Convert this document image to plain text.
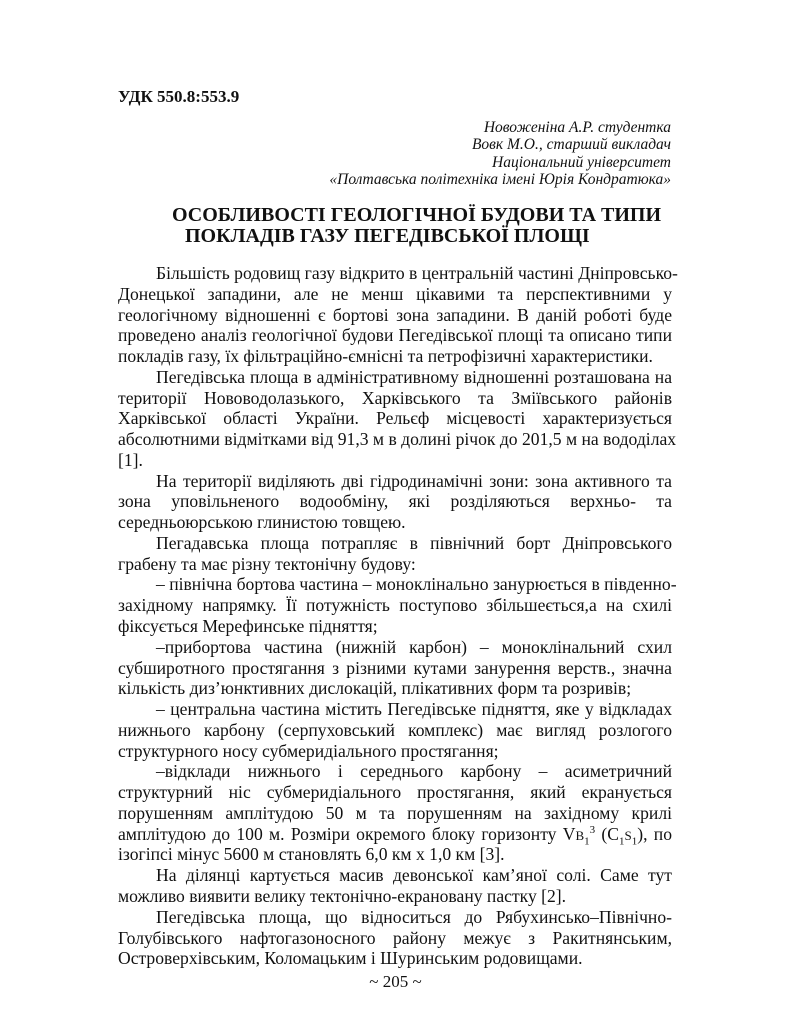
УДК 550.8:553.9
Новоженіна А.Р. студентка
Вовк М.О., старший викладач
Національний університет
«Полтавська політехніка імені Юрія Кондратюка»
ОСОБЛИВОСТІ ГЕОЛОГІЧНОЇ БУДОВИ ТА ТИПИ
ПОКЛАДІВ ГАЗУ ПЕГЕДІВСЬКОЇ ПЛОЩІ
Більшість родовищ газу відкрито в центральній частині Дніпровсько-
Донецької западини, але не менш цікавими та перспективними у
геологічному відношенні є бортові зона западини. В даній роботі буде
проведено аналіз геологічної будови Пегедівської площі та описано типи
покладів газу, їх фільтраційно-ємнісні та петрофізичні характеристики.
Пегедівська площа в адміністративному відношенні розташована на
території Нововодолазького, Харківського та Зміївського районів
Харківської області України. Рельєф місцевості характеризується
абсолютними відмітками від 91,3 м в долині річок до 201,5 м на вододілах
[1].
На території виділяють дві гідродинамічні зони: зона активного та
зона уповільненого водообміну, які розділяються верхньо- та
середньоюрською глинистою товщею.
Пегадавська площа потрапляє в північний борт Дніпровського
грабену та має різну тектонічну будову:
– північна бортова частина – моноклінально занурюється в південно-
західному напрямку. Її потужність поступово збільшеється,а на схилі
фіксується Мерефинське підняття;
–прибортова частина (нижній карбон) – моноклінальний схил
субширотного простягання з різними кутами занурення верств., значна
кількість диз’юнктивних дислокацій, плікативних форм та розривів;
– центральна частина містить Пегедівське підняття, яке у відкладах
нижнього карбону (серпуховський комплекс) має вигляд розлогого
структурного носу субмеридіального простягання;
–відклади нижнього і середнього карбону – асиметричний
структурний ніс субмеридіального простягання, який екранується
порушенням амплітудою 50 м та порушенням на західному крилі
амплітудою до 100 м. Розміри окремого блоку горизонту $VВ_1^3$ $(C_1S_1)$, по
ізогіпсі мінус 5600 м становлять 6,0 км х 1,0 км [3].
На ділянці картується масив девонської кам’яної солі. Саме тут
можливо виявити велику тектонічно-екрановану пастку [2].
Пегедівська площа, що відноситься до Рябухинсько–Північно-
Голубівського нафтогазоносного району межує з Ракитнянським,
Островерхівським, Коломацьким і Шуринським родовищами.
~ 205 ~
